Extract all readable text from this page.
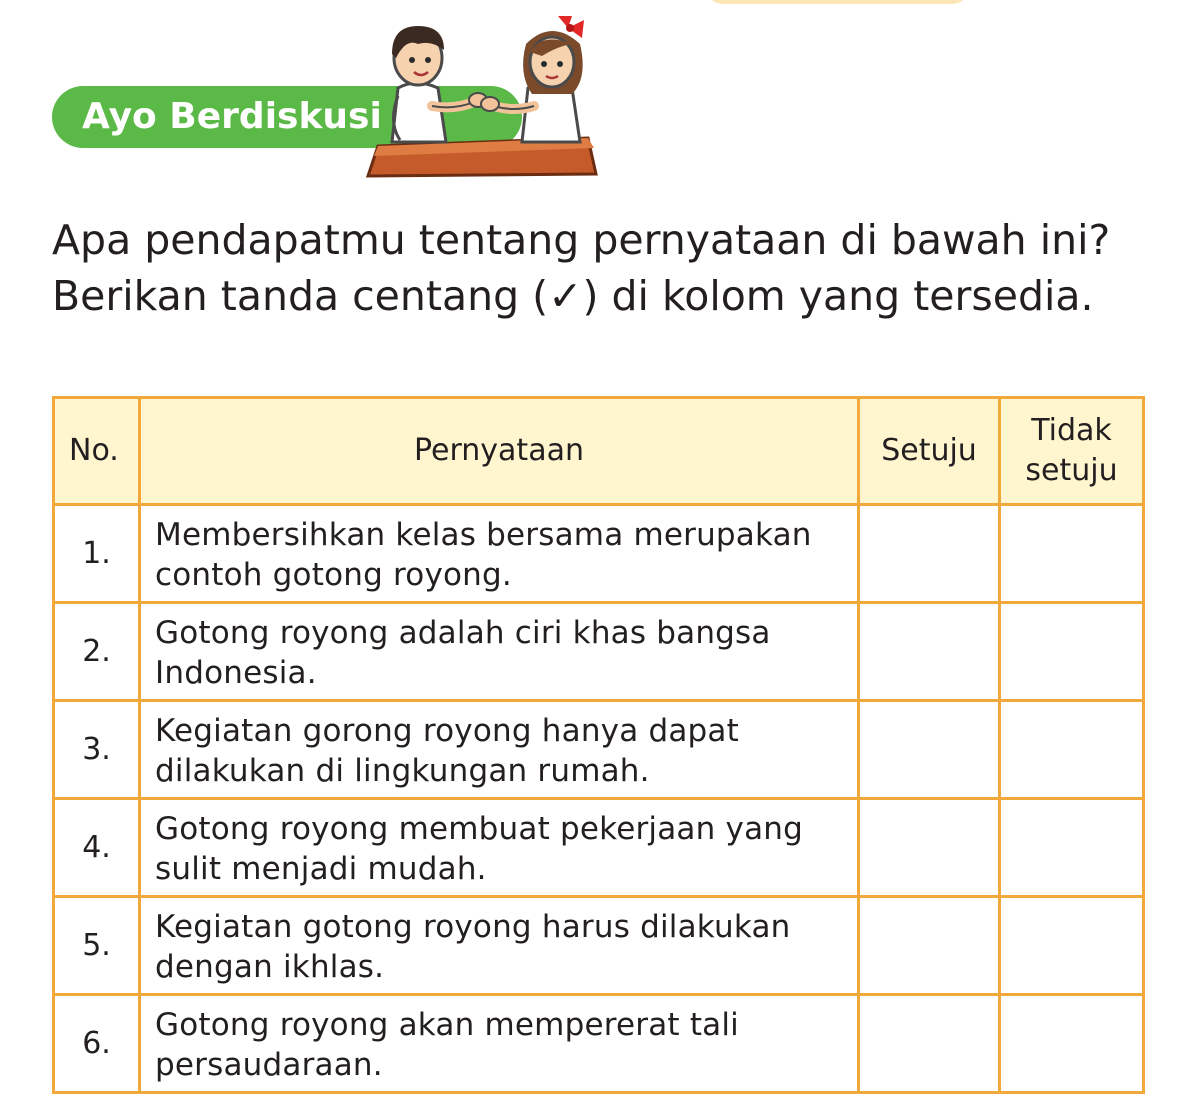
Ayo Berdiskusi

Apa pendapatmu tentang pernyataan di bawah ini?

Berikan tanda centang (✓) di kolom yang tersedia.

No.	Pernyataan	Setuju	Tidak
setuju

1.	Membersihkan kelas bersama merupakan
contoh gotong royong.		

2.	Gotong royong adalah ciri khas bangsa
Indonesia.		

3.	Kegiatan gorong royong hanya dapat
dilakukan di lingkungan rumah.		

4.	Gotong royong membuat pekerjaan yang
sulit menjadi mudah.		

5.	Kegiatan gotong royong harus dilakukan
dengan ikhlas.		

6.	Gotong royong akan mempererat tali
persaudaraan.		
